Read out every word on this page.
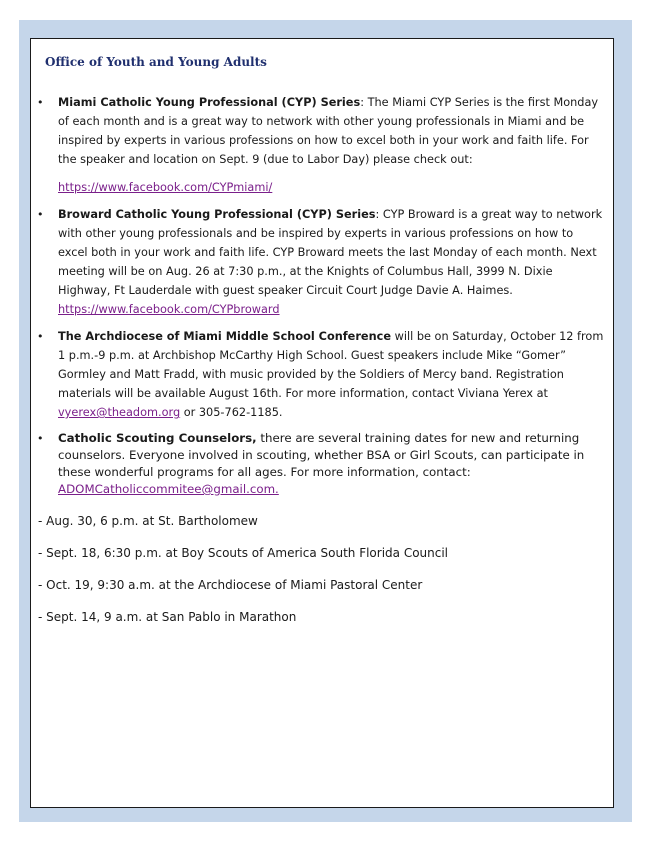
Office of Youth and Young Adults
• Miami Catholic Young Professional (CYP) Series: The Miami CYP Series is the first Monday of each month and is a great way to network with other young professionals in Miami and be inspired by experts in various professions on how to excel both in your work and faith life. For the speaker and location on Sept. 9 (due to Labor Day) please check out:

https://www.facebook.com/CYPmiami/

• Broward Catholic Young Professional (CYP) Series: CYP Broward is a great way to network with other young professionals and be inspired by experts in various professions on how to excel both in your work and faith life. CYP Broward meets the last Monday of each month. Next meeting will be on Aug. 26 at 7:30 p.m., at the Knights of Columbus Hall, 3999 N. Dixie Highway, Ft Lauderdale with guest speaker Circuit Court Judge Davie A. Haimes. https://www.facebook.com/CYPbroward

• The Archdiocese of Miami Middle School Conference will be on Saturday, October 12 from 1 p.m.-9 p.m. at Archbishop McCarthy High School. Guest speakers include Mike “Gomer” Gormley and Matt Fradd, with music provided by the Soldiers of Mercy band. Registration materials will be available August 16th. For more information, contact Viviana Yerex at vyerex@theadom.org or 305-762-1185.

• Catholic Scouting Counselors, there are several training dates for new and returning counselors. Everyone involved in scouting, whether BSA or Girl Scouts, can participate in these wonderful programs for all ages. For more information, contact: ADOMCatholiccommitee@gmail.com.

- Aug. 30, 6 p.m. at St. Bartholomew
- Sept. 18, 6:30 p.m. at Boy Scouts of America South Florida Council
- Oct. 19, 9:30 a.m. at the Archdiocese of Miami Pastoral Center
- Sept. 14, 9 a.m. at San Pablo in Marathon
